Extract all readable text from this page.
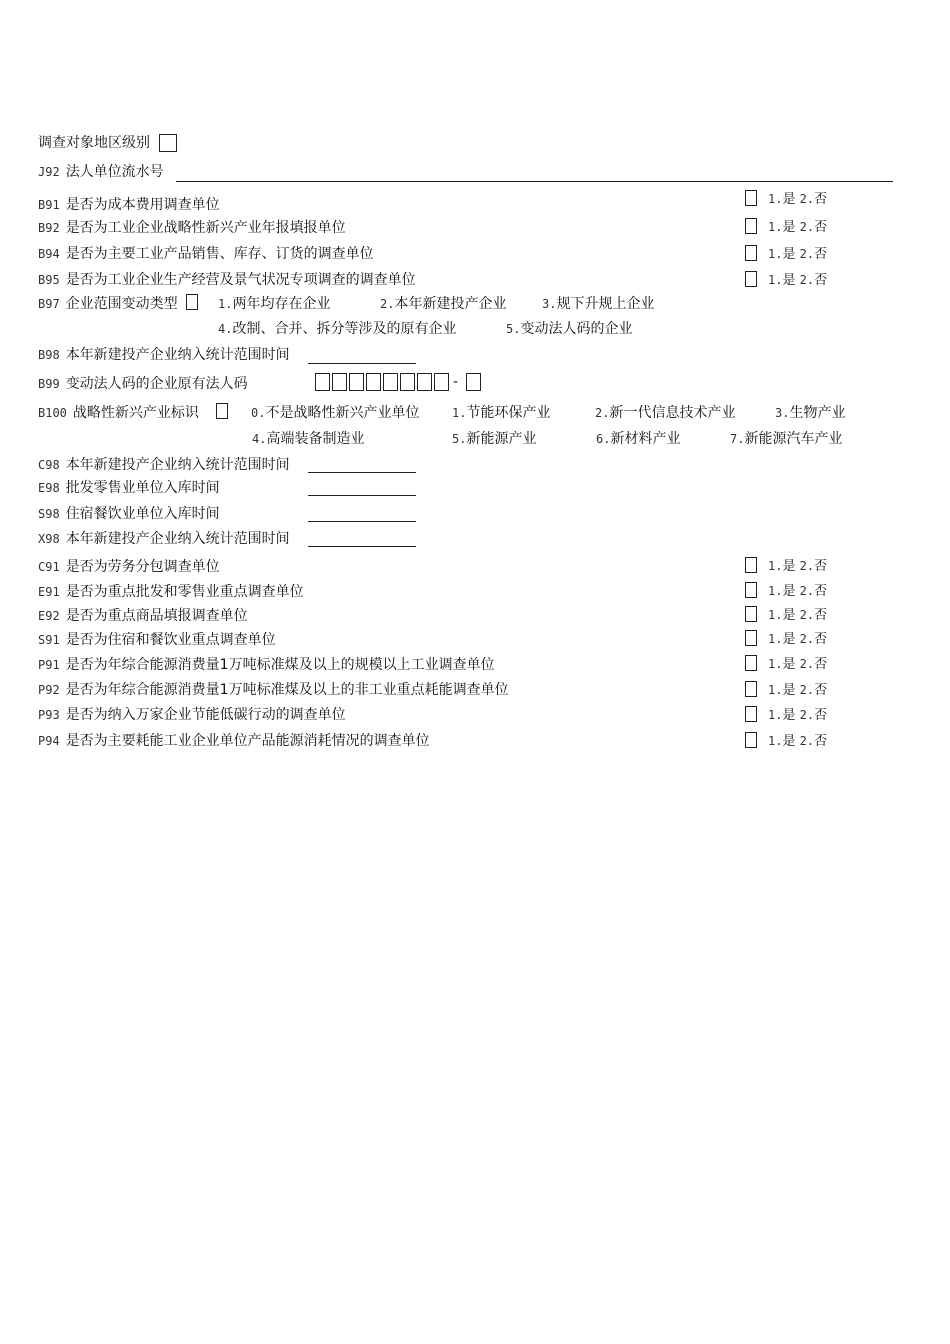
调查对象地区级别
J92 法人单位流水号
B91 是否为成本费用调查单位	1.是 2.否
B92 是否为工业企业战略性新兴产业年报填报单位	1.是 2.否
B94 是否为主要工业产品销售、库存、订货的调查单位	1.是 2.否
B95 是否为工业企业生产经营及景气状况专项调查的调查单位	1.是 2.否
B97 企业范围变动类型	1.两年均存在企业	2.本年新建投产企业	3.规下升规上企业
4.改制、合并、拆分等涉及的原有企业	5.变动法人码的企业
B98 本年新建投产企业纳入统计范围时间
B99 变动法人码的企业原有法人码	-
B100 战略性新兴产业标识	0.不是战略性新兴产业单位	1.节能环保产业	2.新一代信息技术产业	3.生物产业
4.高端装备制造业	5.新能源产业	6.新材料产业	7.新能源汽车产业
C98 本年新建投产企业纳入统计范围时间
E98 批发零售业单位入库时间
S98 住宿餐饮业单位入库时间
X98 本年新建投产企业纳入统计范围时间
C91 是否为劳务分包调查单位	1.是 2.否
E91 是否为重点批发和零售业重点调查单位	1.是 2.否
E92 是否为重点商品填报调查单位	1.是 2.否
S91 是否为住宿和餐饮业重点调查单位	1.是 2.否
P91 是否为年综合能源消费量1万吨标准煤及以上的规模以上工业调查单位	1.是 2.否
P92 是否为年综合能源消费量1万吨标准煤及以上的非工业重点耗能调查单位	1.是 2.否
P93 是否为纳入万家企业节能低碳行动的调查单位	1.是 2.否
P94 是否为主要耗能工业企业单位产品能源消耗情况的调查单位	1.是 2.否
